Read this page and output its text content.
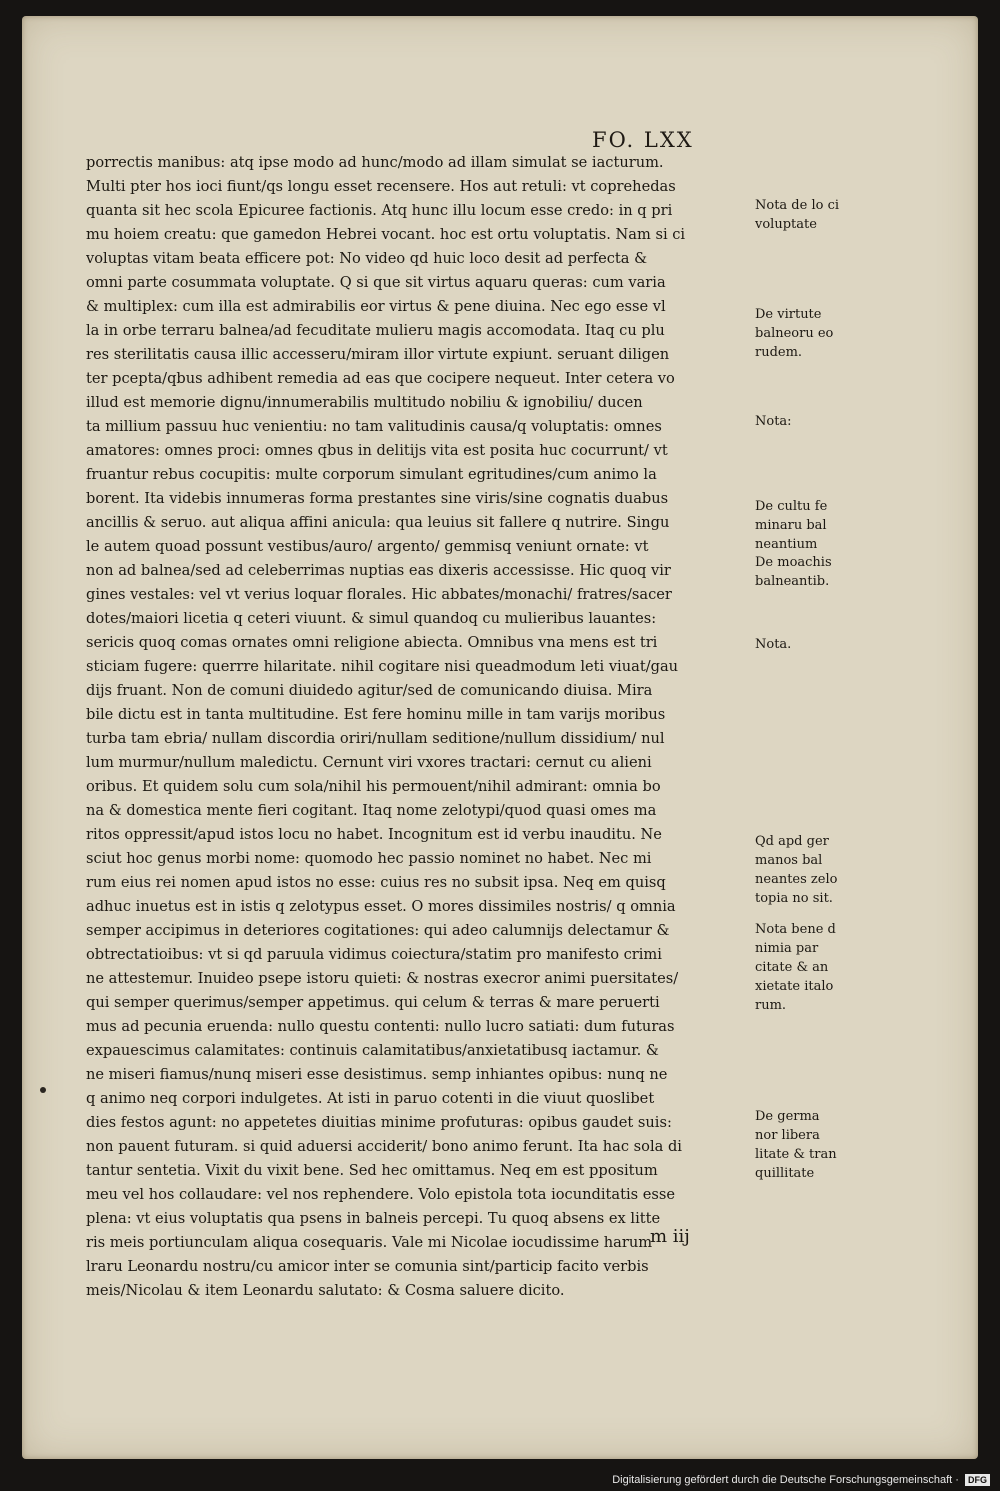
FO. LXX
porrectis manibus: atq ipse modo ad hunc/modo ad illam simulat se iacturum.
Multi pter hos ioci fiunt/qs longu esset recensere. Hos aut retuli: vt coprehedas
quanta sit hec scola Epicuree factionis. Atq hunc illu locum esse credo: in q pri
mu hoiem creatu: que gamedon Hebrei vocant. hoc est ortu voluptatis. Nam si ci
voluptas vitam beata efficere pot: No video qd huic loco desit ad perfecta &
omni parte cosummata voluptate. Q si que sit virtus aquaru queras: cum varia
& multiplex: cum illa est admirabilis eor virtus & pene diuina. Nec ego esse vl
la in orbe terraru balnea/ad fecuditate mulieru magis accomodata. Itaq cu plu
res sterilitatis causa illic accesseru/miram illor virtute expiunt. seruant diligen
ter pcepta/qbus adhibent remedia ad eas que cocipere nequeut. Inter cetera vo
illud est memorie dignu/innumerabilis multitudo nobiliu & ignobiliu/ ducen
ta millium passuu huc venientiu: no tam valitudinis causa/q voluptatis: omnes
amatores: omnes proci: omnes qbus in delitijs vita est posita huc cocurrunt/ vt
fruantur rebus cocupitis: multe corporum simulant egritudines/cum animo la
borent. Ita videbis innumeras forma prestantes sine viris/sine cognatis duabus
ancillis & seruo. aut aliqua affini anicula: qua leuius sit fallere q nutrire. Singu
le autem quoad possunt vestibus/auro/ argento/ gemmisq veniunt ornate: vt
non ad balnea/sed ad celeberrimas nuptias eas dixeris accessisse. Hic quoq vir
gines vestales: vel vt verius loquar florales. Hic abbates/monachi/ fratres/sacer
dotes/maiori licetia q ceteri viuunt. & simul quandoq cu mulieribus lauantes:
sericis quoq comas ornates omni religione abiecta. Omnibus vna mens est tri
sticiam fugere: querrre hilaritate. nihil cogitare nisi queadmodum leti viuat/gau
dijs fruant. Non de comuni diuidedo agitur/sed de comunicando diuisa. Mira
bile dictu est in tanta multitudine. Est fere hominu mille in tam varijs moribus
turba tam ebria/ nullam discordia oriri/nullam seditione/nullum dissidium/ nul
lum murmur/nullum maledictu. Cernunt viri vxores tractari: cernut cu alieni
oribus. Et quidem solu cum sola/nihil his permouent/nihil admirant: omnia bo
na & domestica mente fieri cogitant. Itaq nome zelotypi/quod quasi omes ma
ritos oppressit/apud istos locu no habet. Incognitum est id verbu inauditu. Ne
sciut hoc genus morbi nome: quomodo hec passio nominet no habet. Nec mi
rum eius rei nomen apud istos no esse: cuius res no subsit ipsa. Neq em quisq
adhuc inuetus est in istis q zelotypus esset. O mores dissimiles nostris/ q omnia
semper accipimus in deteriores cogitationes: qui adeo calumnijs delectamur &
obtrectatioibus: vt si qd paruula vidimus coiectura/statim pro manifesto crimi
ne attestemur. Inuideo psepe istoru quieti: & nostras execror animi puersitates/
qui semper querimus/semper appetimus. qui celum & terras & mare peruerti
mus ad pecunia eruenda: nullo questu contenti: nullo lucro satiati: dum futuras
expauescimus calamitates: continuis calamitatibus/anxietatibusq iactamur. &
ne miseri fiamus/nunq miseri esse desistimus. semp inhiantes opibus: nunq ne
q animo neq corpori indulgetes. At isti in paruo cotenti in die viuut quoslibet
dies festos agunt: no appetetes diuitias minime profuturas: opibus gaudet suis:
non pauent futuram. si quid aduersi acciderit/ bono animo ferunt. Ita hac sola di
tantur sentetia. Vixit du vixit bene. Sed hec omittamus. Neq em est ppositum
meu vel hos collaudare: vel nos rephendere. Volo epistola tota iocunditatis esse
plena: vt eius voluptatis qua psens in balneis percepi. Tu quoq absens ex litte
ris meis portiunculam aliqua cosequaris. Vale mi Nicolae iocudissime harum
lraru Leonardu nostru/cu amicor inter se comunia sint/particip facito verbis
meis/Nicolau & item Leonardu salutato: & Cosma saluere dicito.
Nota de lo ci voluptate
De virtute balneoru eo rudem.
Nota:
De cultu fe minaru bal neantium
De moachis balneantib.
Nota.
Qd apd ger manos bal neantes zelo topia no sit.
Nota bene d nimia par citate & an xietate italo rum.
De germa nor libera litate & tran quillitate
m iij
Digitalisierung gefördert durch die Deutsche Forschungsgemeinschaft · DFG
